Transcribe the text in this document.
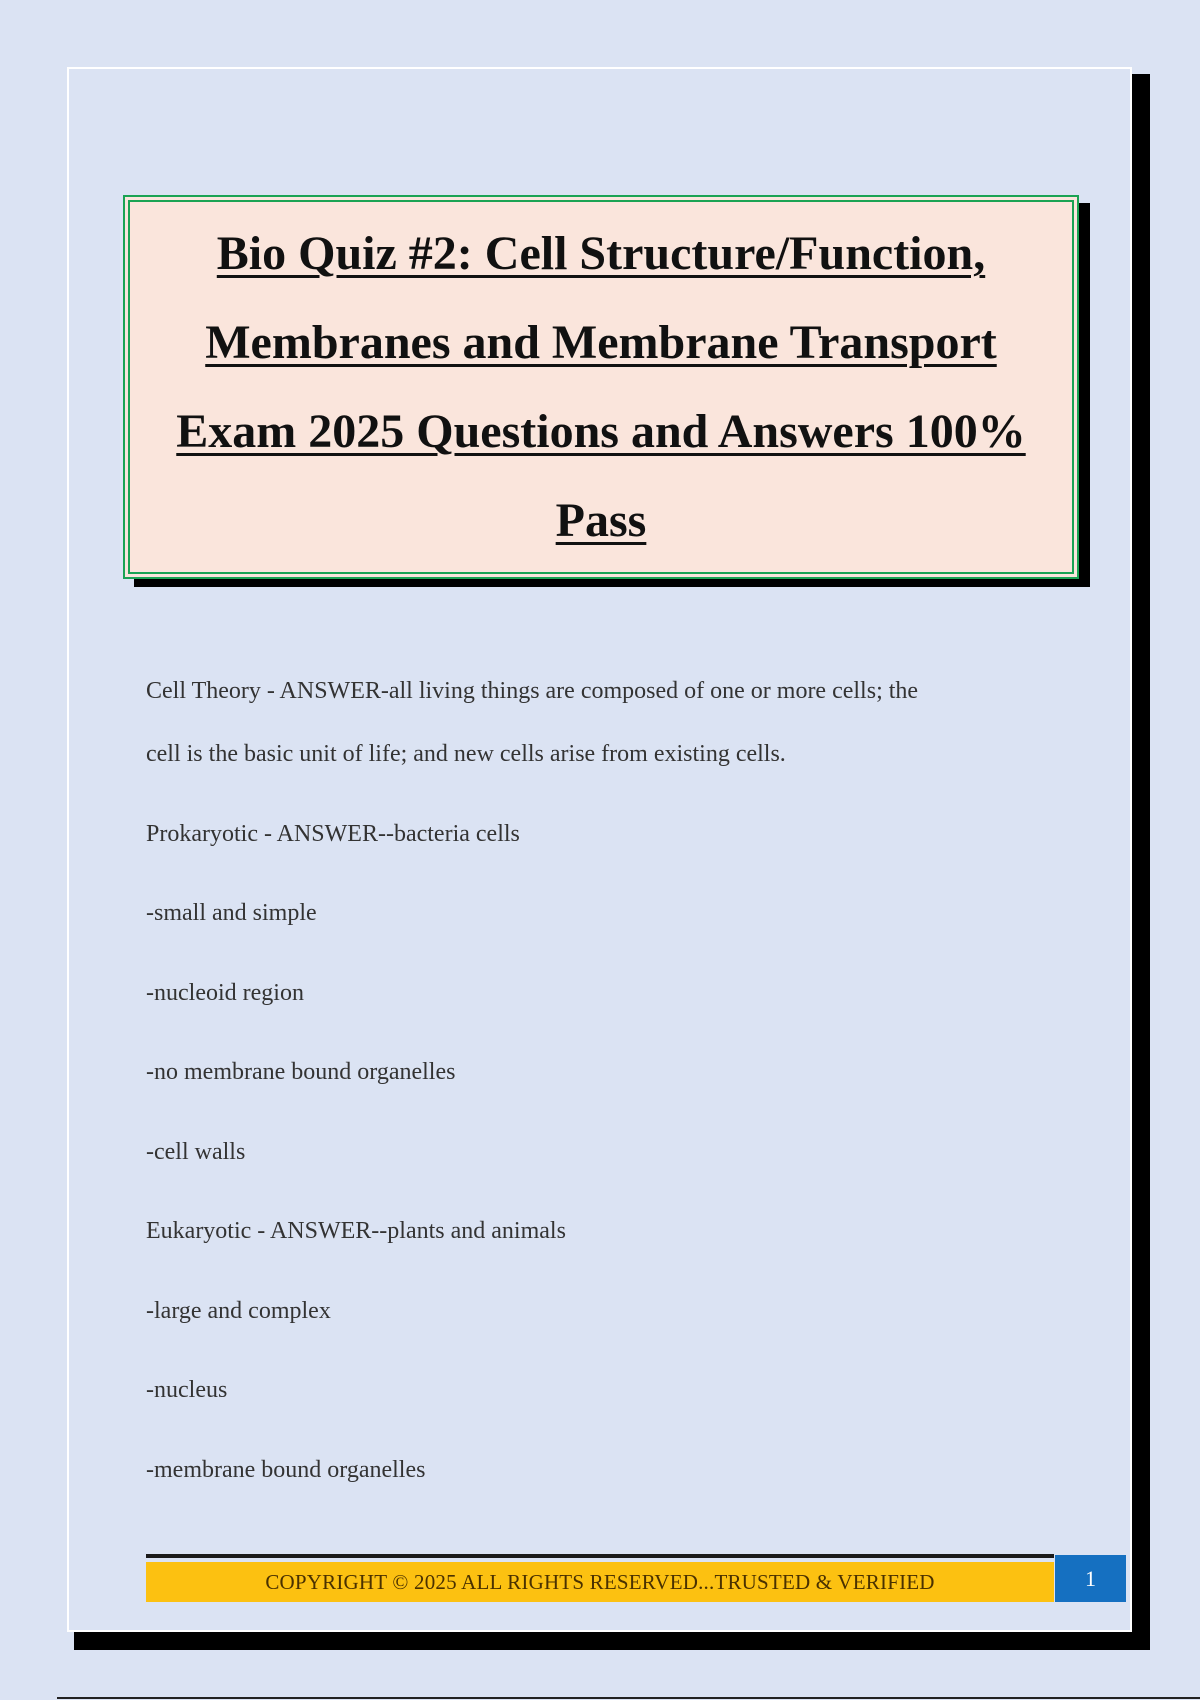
Bio Quiz #2: Cell Structure/Function, Membranes and Membrane Transport Exam 2025 Questions and Answers 100% Pass
Cell Theory - ANSWER-all living things are composed of one or more cells; the
cell is the basic unit of life; and new cells arise from existing cells.
Prokaryotic - ANSWER--bacteria cells
-small and simple
-nucleoid region
-no membrane bound organelles
-cell walls
Eukaryotic - ANSWER--plants and animals
-large and complex
-nucleus
-membrane bound organelles
COPYRIGHT © 2025 ALL RIGHTS RESERVED...TRUSTED & VERIFIED	1
